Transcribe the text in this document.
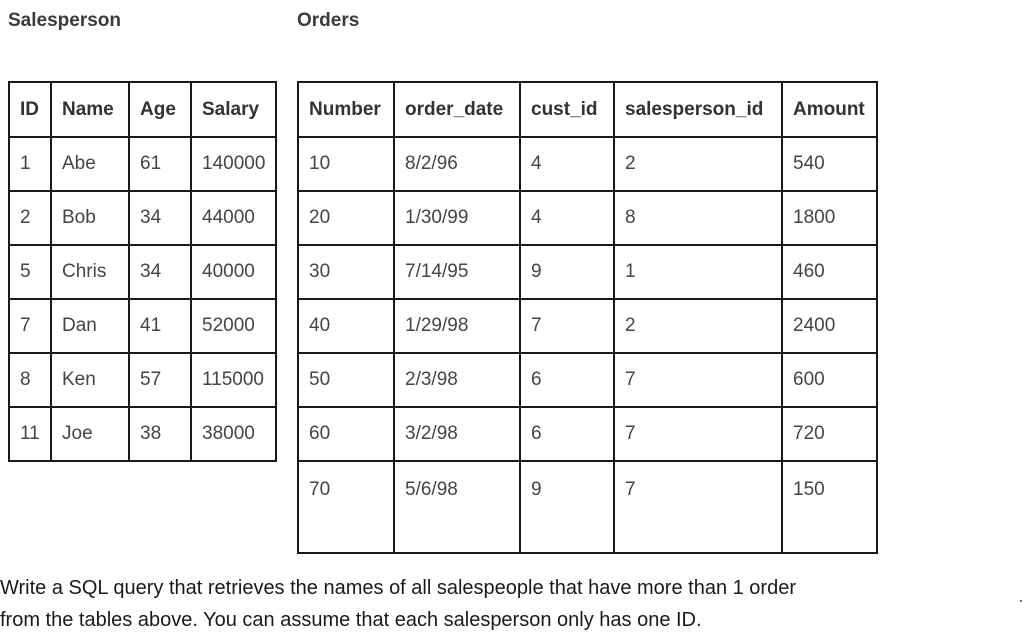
Salesperson	Orders
ID	Name	Age	Salary
1	Abe	61	140000
2	Bob	34	44000
5	Chris	34	40000
7	Dan	41	52000
8	Ken	57	115000
11	Joe	38	38000
Number	order_date	cust_id	salesperson_id	Amount
10	8/2/96	4	2	540
20	1/30/99	4	8	1800
30	7/14/95	9	1	460
40	1/29/98	7	2	2400
50	2/3/98	6	7	600
60	3/2/98	6	7	720
70	5/6/98	9	7	150

Write a SQL query that retrieves the names of all salespeople that have more than 1 order
from the tables above. You can assume that each salesperson only has one ID.
